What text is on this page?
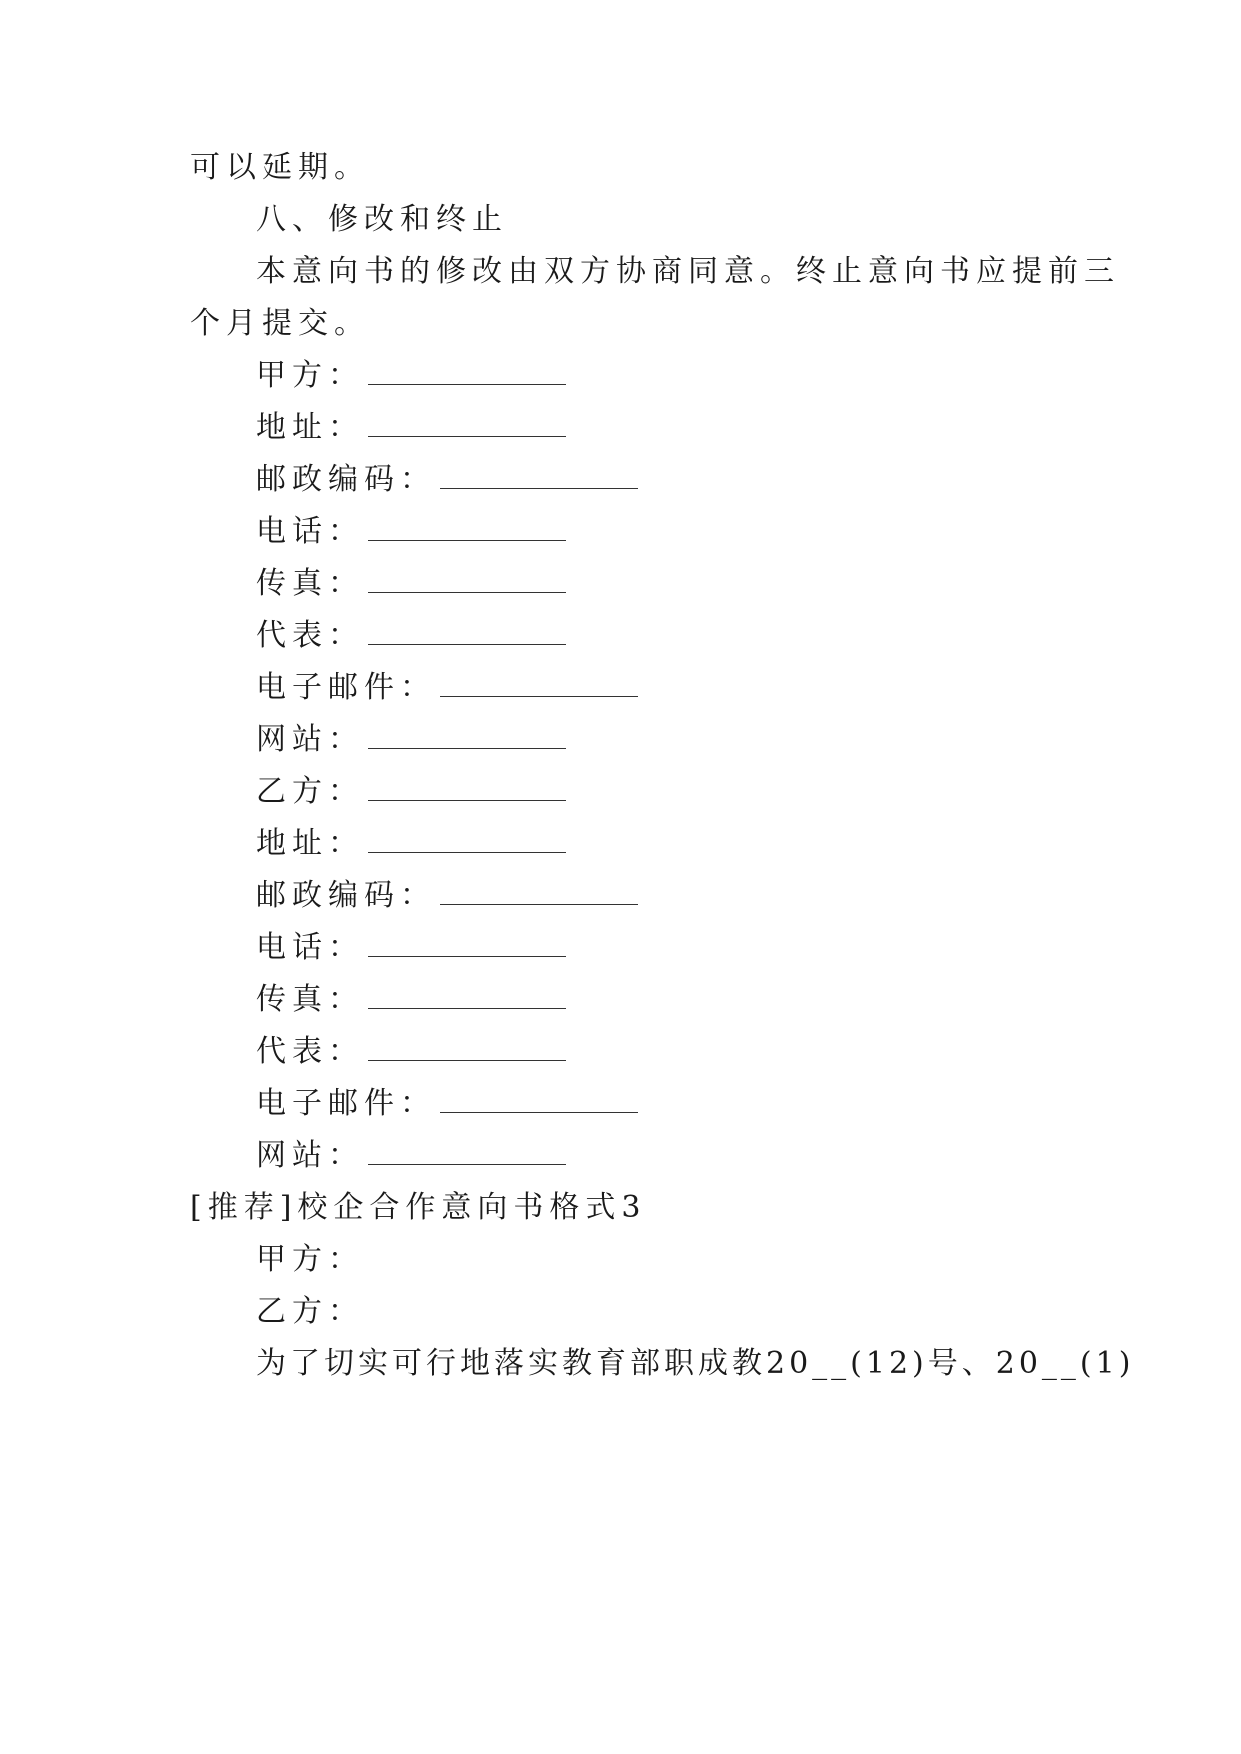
可以延期。
八、修改和终止
本意向书的修改由双方协商同意。终止意向书应提前三
个月提交。
甲方：
地址：
邮政编码：
电话：
传真：
代表：
电子邮件：
网站：
乙方：
地址：
邮政编码：
电话：
传真：
代表：
电子邮件：
网站：
[推荐]校企合作意向书格式3
甲方：
乙方：
为了切实可行地落实教育部职成教20__(12)号、20__(1)
